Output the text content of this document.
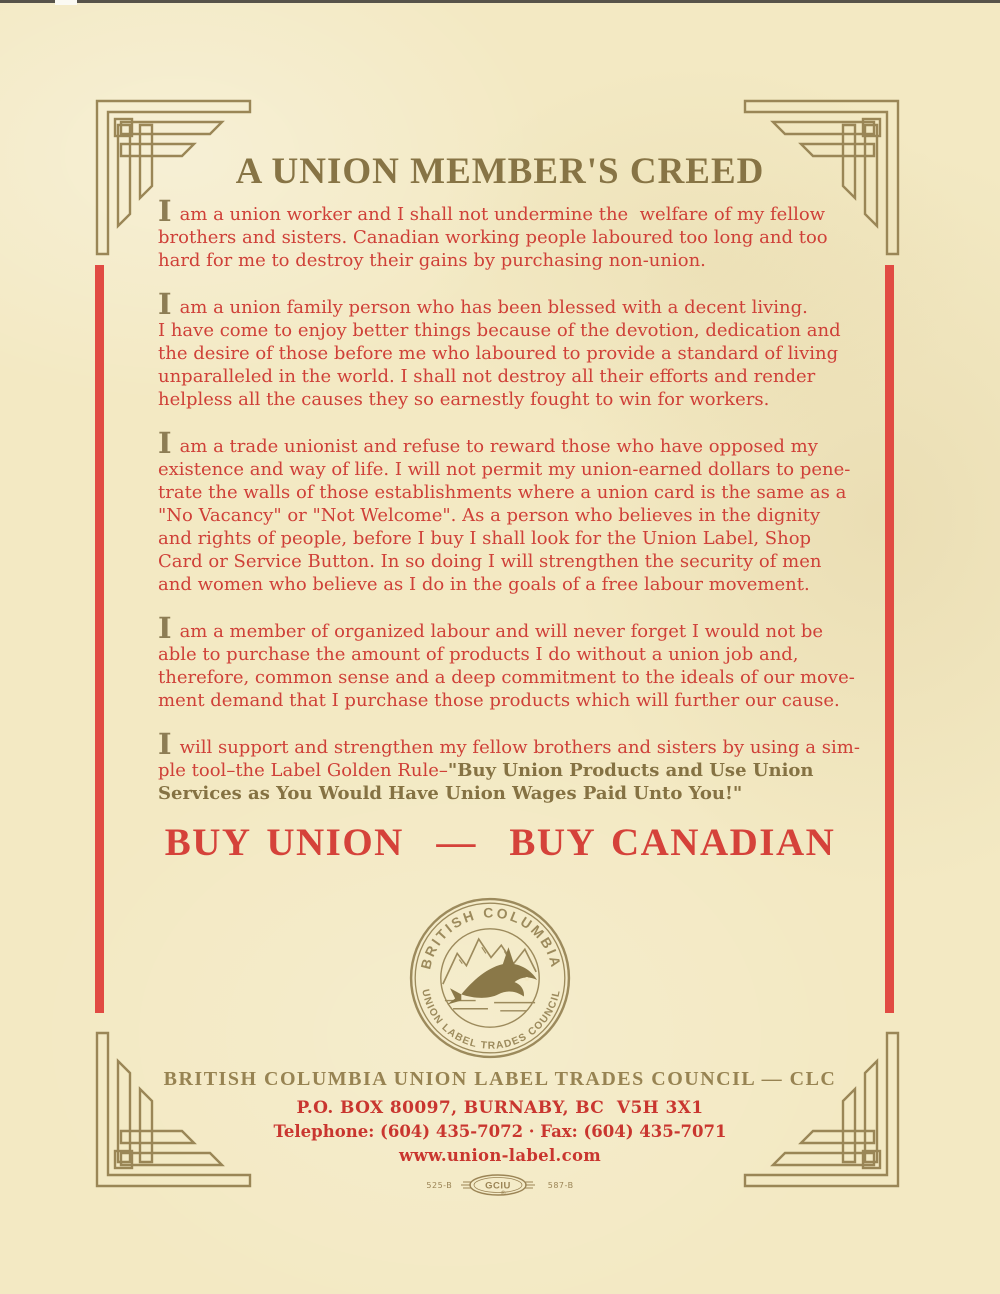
A UNION MEMBER'S CREED
Iam a union worker and I shall not undermine the  welfare of my fellow
brothers and sisters. Canadian working people laboured too long and too
hard for me to destroy their gains by purchasing non-union.
Iam a union family person who has been blessed with a decent living.
I have come to enjoy better things because of the devotion, dedication and
the desire of those before me who laboured to provide a standard of living
unparalleled in the world. I shall not destroy all their efforts and render
helpless all the causes they so earnestly fought to win for workers.
Iam a trade unionist and refuse to reward those who have opposed my
existence and way of life. I will not permit my union-earned dollars to pene-
trate the walls of those establishments where a union card is the same as a
"No Vacancy" or "Not Welcome". As a person who believes in the dignity
and rights of people, before I buy I shall look for the Union Label, Shop
Card or Service Button. In so doing I will strengthen the security of men
and women who believe as I do in the goals of a free labour movement.
Iam a member of organized labour and will never forget I would not be
able to purchase the amount of products I do without a union job and,
therefore, common sense and a deep commitment to the ideals of our move-
ment demand that I purchase those products which will further our cause.
Iwill support and strengthen my fellow brothers and sisters by using a sim-
ple tool–the Label Golden Rule–"Buy Union Products and Use Union
Services as You Would Have Union Wages Paid Unto You!"
BUY UNION  —  BUY CANADIAN
BRITISH COLUMBIA
UNION LABEL TRADES COUNCIL
BRITISH COLUMBIA UNION LABEL TRADES COUNCIL — CLC
P.O. BOX 80097, BURNABY, BC  V5H 3X1
Telephone: (604) 435-7072 · Fax: (604) 435-7071
www.union-label.com
525-B	GCIU
®
587-B
